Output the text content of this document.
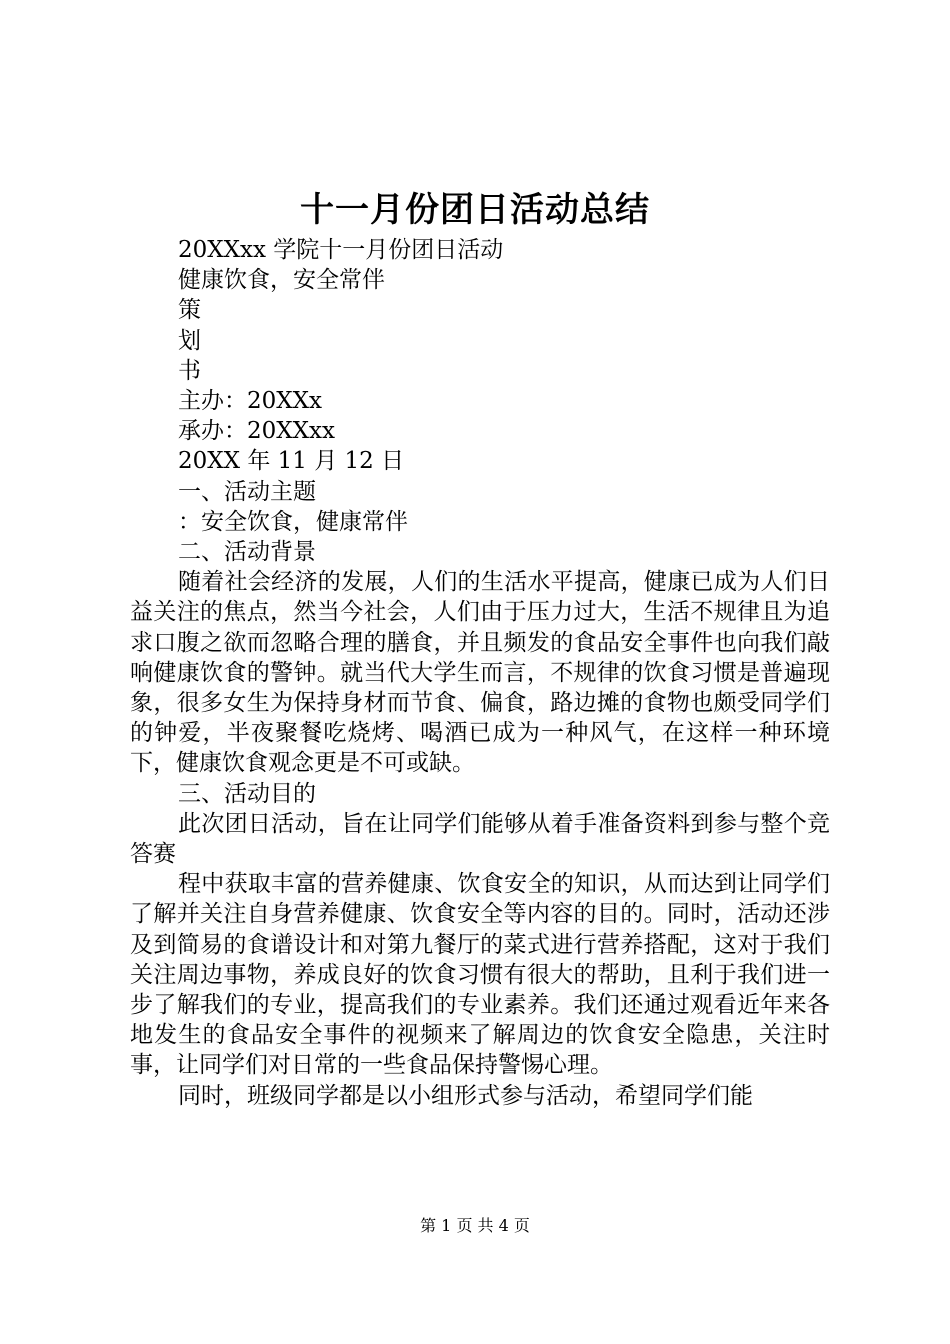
十一月份团日活动总结
20XXxx 学院十一月份团日活动
健康饮食，安全常伴
策
划
书
主办：20XXx
承办：20XXxx
20XX 年 11 月 12 日
一、活动主题
：安全饮食，健康常伴
二、活动背景

随着社会经济的发展，人们的生活水平提高，健康已成为人们日益关注的焦点，然当今社会，人们由于压力过大，生活不规律且为追求口腹之欲而忽略合理的膳食，并且频发的食品安全事件也向我们敲响健康饮食的警钟。就当代大学生而言，不规律的饮食习惯是普遍现象，很多女生为保持身材而节食、偏食，路边摊的食物也颇受同学们的钟爱，半夜聚餐吃烧烤、喝酒已成为一种风气，在这样一种环境下，健康饮食观念更是不可或缺。

三、活动目的

此次团日活动，旨在让同学们能够从着手准备资料到参与整个竞答赛

程中获取丰富的营养健康、饮食安全的知识，从而达到让同学们了解并关注自身营养健康、饮食安全等内容的目的。同时，活动还涉及到简易的食谱设计和对第九餐厅的菜式进行营养搭配，这对于我们关注周边事物，养成良好的饮食习惯有很大的帮助，且利于我们进一步了解我们的专业，提高我们的专业素养。我们还通过观看近年来各地发生的食品安全事件的视频来了解周边的饮食安全隐患，关注时事，让同学们对日常的一些食品保持警惕心理。

同时，班级同学都是以小组形式参与活动，希望同学们能

第 1 页 共 4 页
